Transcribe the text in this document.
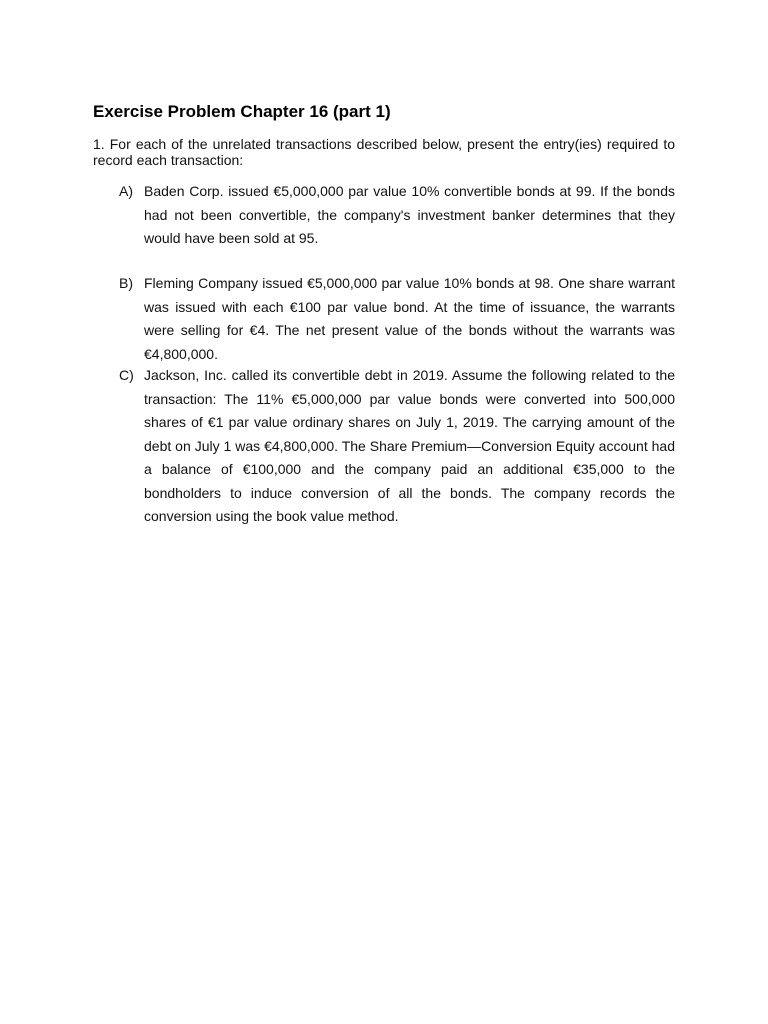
Exercise Problem Chapter 16 (part 1)
1. For each of the unrelated transactions described below, present the entry(ies) required to record each transaction:
A) Baden Corp. issued €5,000,000 par value 10% convertible bonds at 99. If the bonds had not been convertible, the company's investment banker determines that they would have been sold at 95.
B) Fleming Company issued €5,000,000 par value 10% bonds at 98. One share warrant was issued with each €100 par value bond. At the time of issuance, the warrants were selling for €4. The net present value of the bonds without the warrants was €4,800,000.
C) Jackson, Inc. called its convertible debt in 2019. Assume the following related to the transaction: The 11% €5,000,000 par value bonds were converted into 500,000 shares of €1 par value ordinary shares on July 1, 2019. The carrying amount of the debt on July 1 was €4,800,000. The Share Premium—Conversion Equity account had a balance of €100,000 and the company paid an additional €35,000 to the bondholders to induce conversion of all the bonds. The company records the conversion using the book value method.
